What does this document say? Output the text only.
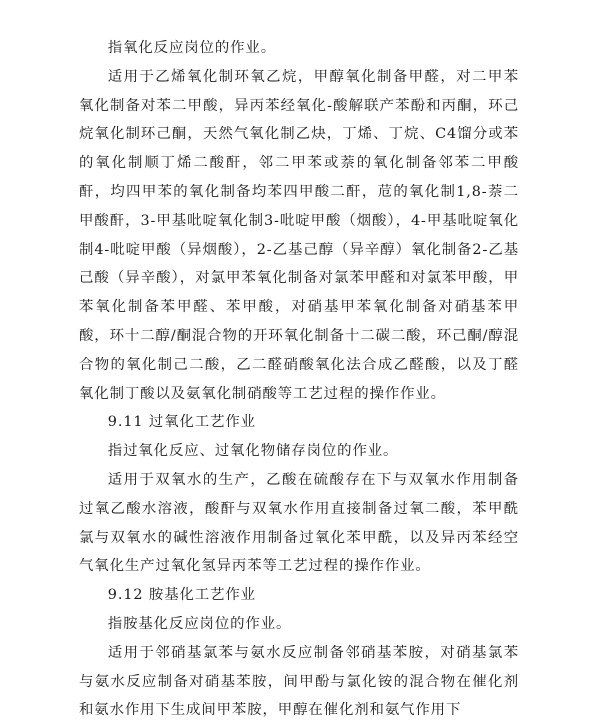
指氧化反应岗位的作业。

适用于乙烯氧化制环氧乙烷，甲醇氧化制备甲醛，对二甲苯氧化制备对苯二甲酸，异丙苯经氧化-酸解联产苯酚和丙酮，环己烷氧化制环己酮，天然气氧化制乙炔，丁烯、丁烷、C4馏分或苯的氧化制顺丁烯二酸酐，邻二甲苯或萘的氧化制备邻苯二甲酸酐，均四甲苯的氧化制备均苯四甲酸二酐，苊的氧化制1,8-萘二甲酸酐，3-甲基吡啶氧化制3-吡啶甲酸（烟酸），4-甲基吡啶氧化制4-吡啶甲酸（异烟酸），2-乙基己醇（异辛醇）氧化制备2-乙基己酸（异辛酸），对氯甲苯氧化制备对氯苯甲醛和对氯苯甲酸，甲苯氧化制备苯甲醛、苯甲酸，对硝基甲苯氧化制备对硝基苯甲酸，环十二醇/酮混合物的开环氧化制备十二碳二酸，环己酮/醇混合物的氧化制己二酸，乙二醛硝酸氧化法合成乙醛酸，以及丁醛氧化制丁酸以及氨氧化制硝酸等工艺过程的操作作业。

9.11 过氧化工艺作业

指过氧化反应、过氧化物储存岗位的作业。

适用于双氧水的生产，乙酸在硫酸存在下与双氧水作用制备过氧乙酸水溶液，酸酐与双氧水作用直接制备过氧二酸，苯甲酰氯与双氧水的碱性溶液作用制备过氧化苯甲酰，以及异丙苯经空气氧化生产过氧化氢异丙苯等工艺过程的操作作业。

9.12 胺基化工艺作业

指胺基化反应岗位的作业。

适用于邻硝基氯苯与氨水反应制备邻硝基苯胺，对硝基氯苯与氨水反应制备对硝基苯胺，间甲酚与氯化铵的混合物在催化剂和氨水作用下生成间甲苯胺，甲醇在催化剂和氨气作用下
